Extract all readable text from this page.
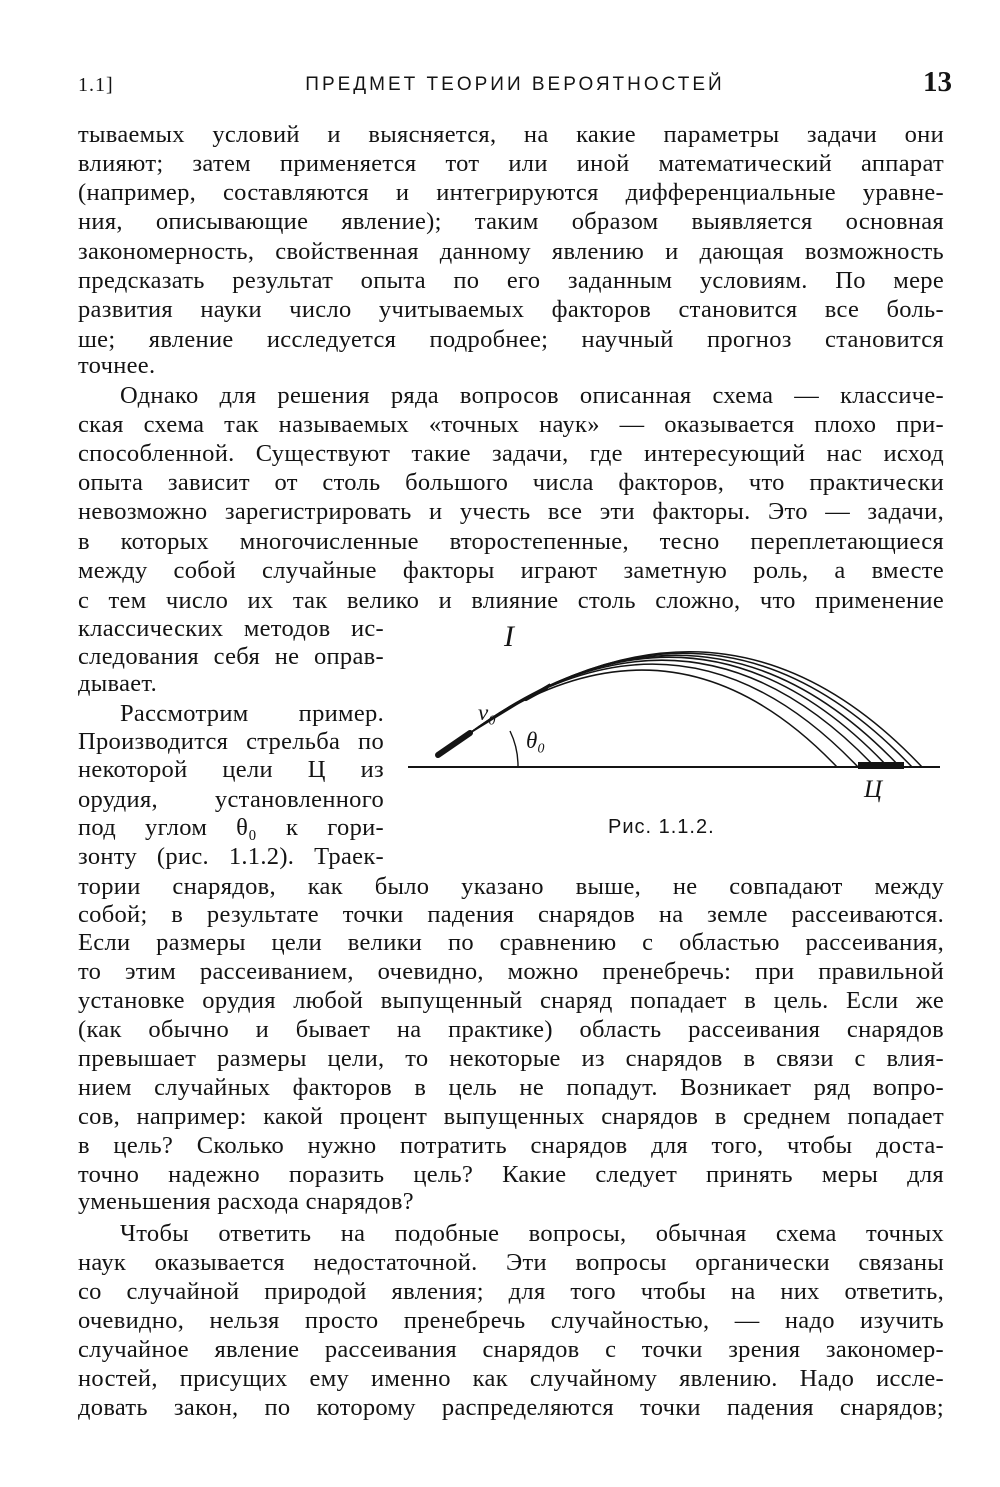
1.1]	ПРЕДМЕТ ТЕОРИИ ВЕРОЯТНОСТЕЙ	13
тываемых условий и выясняется, на какие параметры задачи они
влияют; затем применяется тот или иной математический аппарат
(например, составляются и интегрируются дифференциальные уравне-
ния, описывающие явление); таким образом выявляется основная
закономерность, свойственная данному явлению и дающая возможность
предсказать результат опыта по его заданным условиям. По мере
развития науки число учитываемых факторов становится все боль-
ше; явление исследуется подробнее; научный прогноз становится
точнее.
Однако для решения ряда вопросов описанная схема — классиче-
ская схема так называемых «точных наук» — оказывается плохо при-
способленной. Существуют такие задачи, где интересующий нас исход
опыта зависит от столь большого числа факторов, что практически
невозможно зарегистрировать и учесть все эти факторы. Это — задачи,
в которых многочисленные второстепенные, тесно переплетающиеся
между собой случайные факторы играют заметную роль, а вместе
с тем число их так велико и влияние столь сложно, что применение
классических методов ис-
следования себя не оправ-
дывает.
Рассмотрим пример.
Производится стрельба по
некоторой цели Ц из
орудия, установленного
под углом θ₀ к гори-
зонту (рис. 1.1.2). Траек-
тории снарядов, как было указано выше, не совпадают между
собой; в результате точки падения снарядов на земле рассеиваются.
Если размеры цели велики по сравнению с областью рассеивания,
то этим рассеиванием, очевидно, можно пренебречь: при правильной
установке орудия любой выпущенный снаряд попадает в цель. Если же
(как обычно и бывает на практике) область рассеивания снарядов
превышает размеры цели, то некоторые из снарядов в связи с влия-
нием случайных факторов в цель не попадут. Возникает ряд вопро-
сов, например: какой процент выпущенных снарядов в среднем попадает
в цель? Сколько нужно потратить снарядов для того, чтобы доста-
точно надежно поразить цель? Какие следует принять меры для
уменьшения расхода снарядов?
Чтобы ответить на подобные вопросы, обычная схема точных
наук оказывается недостаточной. Эти вопросы органически связаны
со случайной природой явления; для того чтобы на них ответить,
очевидно, нельзя просто пренебречь случайностью, — надо изучить
случайное явление рассеивания снарядов с точки зрения закономер-
ностей, присущих ему именно как случайному явлению. Надо иссле-
довать закон, по которому распределяются точки падения снарядов;
I
v₀
θ₀
Ц
Рис. 1.1.2.
